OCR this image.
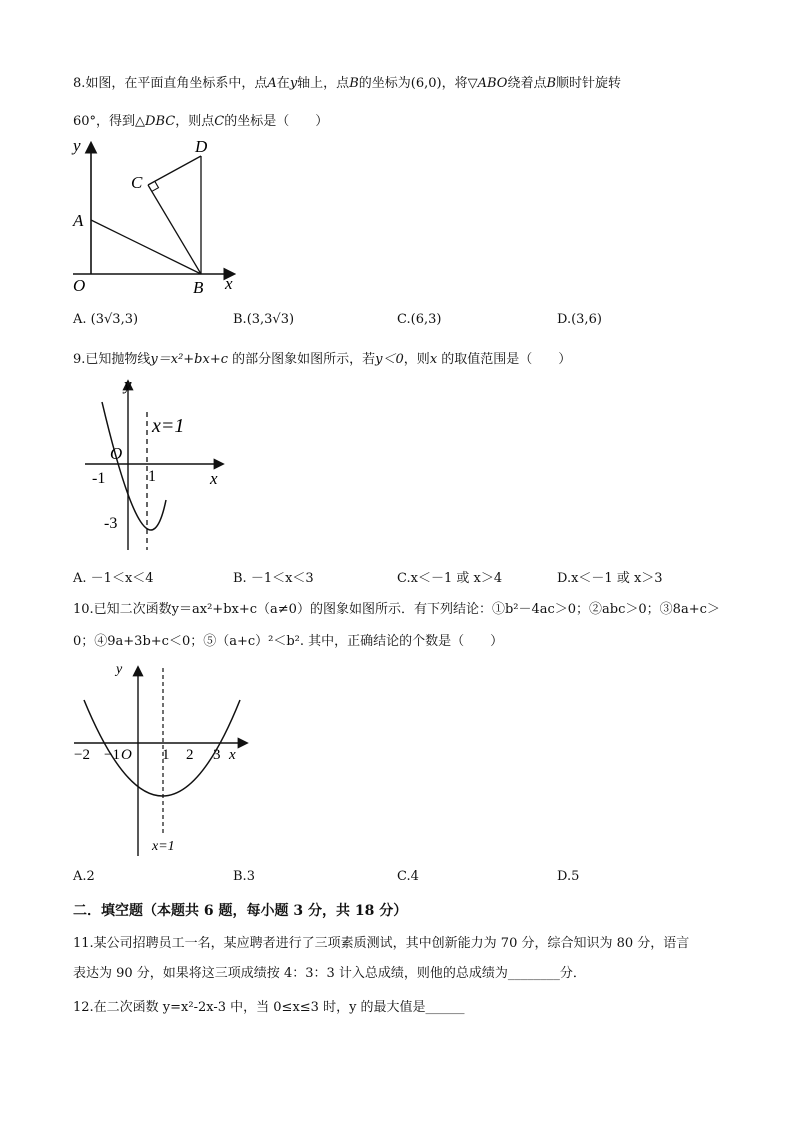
8.如图，在平面直角坐标系中，点A在y轴上，点B的坐标为(6,0)，将▽ABO绕着点B顺时针旋转
60°，得到△DBC，则点C的坐标是（　　）
y
x
O
A
B
C
D
A. (3√3,3)	B.(3,3√3)	C.(6,3)	D.(3,6)
9.已知抛物线y＝x²+bx+c 的部分图象如图所示，若y＜0，则x 的取值范围是（　　）
y
x
O
x=1
-1	1
-3
A. －1＜x＜4	B. －1＜x＜3	C.x＜－1 或 x＞4	D.x＜－1 或 x＞3
10.已知二次函数y＝ax²+bx+c（a≠0）的图象如图所示．有下列结论：①b²－4ac＞0；②abc＞0；③8a+c＞
0；④9a+3b+c＜0；⑤（a+c）²＜b². 其中，正确结论的个数是（　　）
y
x
O
−2 −1	1 2 3
x=1
A.2	B.3	C.4	D.5
二．填空题（本题共 6 题，每小题 3 分，共 18 分）
11.某公司招聘员工一名，某应聘者进行了三项素质测试，其中创新能力为 70 分，综合知识为 80 分，语言
表达为 90 分，如果将这三项成绩按 4：3：3 计入总成绩，则他的总成绩为________分．
12.在二次函数 y=x²-2x-3 中，当 0≤x≤3 时，y 的最大值是______
